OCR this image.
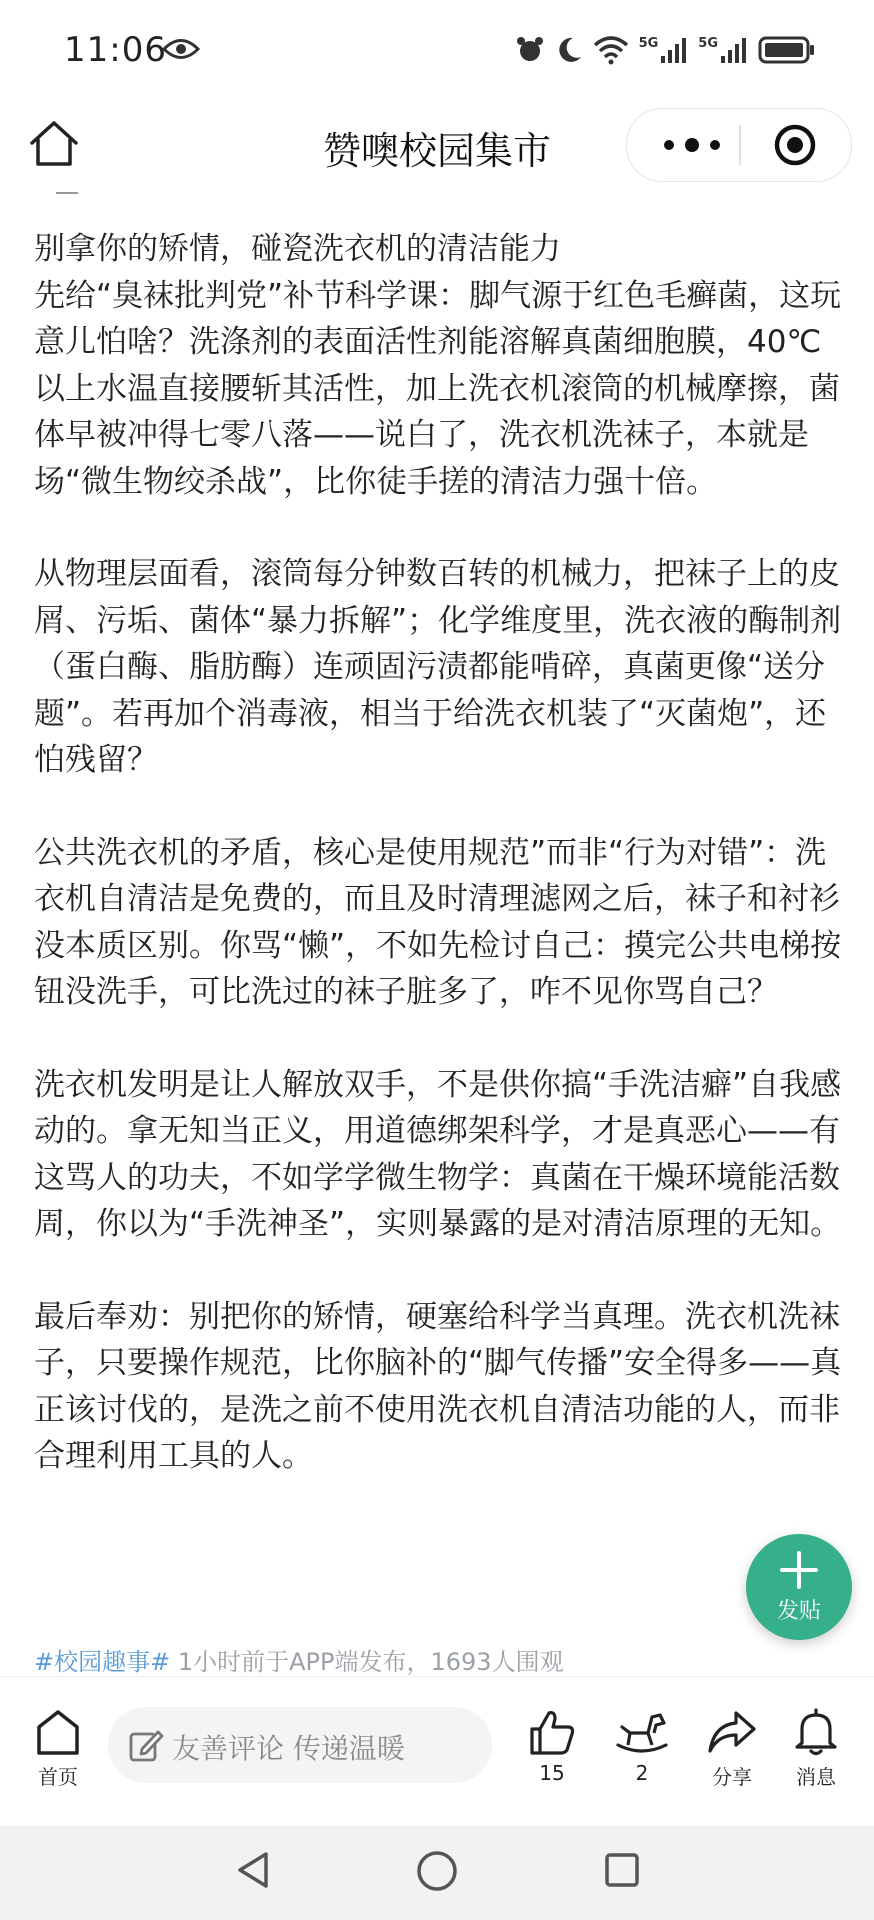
11:06	5G	5G
赞噢校园集市

别拿你的矫情，碰瓷洗衣机的清洁能力
先给“臭袜批判党”补节科学课：脚气源于红色毛癣菌，这玩意儿怕啥？洗涤剂的表面活性剂能溶解真菌细胞膜，40℃以上水温直接腰斩其活性，加上洗衣机滚筒的机械摩擦，菌体早被冲得七零八落——说白了，洗衣机洗袜子，本就是场“微生物绞杀战”，比你徒手搓的清洁力强十倍。

从物理层面看，滚筒每分钟数百转的机械力，把袜子上的皮屑、污垢、菌体“暴力拆解”；化学维度里，洗衣液的酶制剂（蛋白酶、脂肪酶）连顽固污渍都能啃碎，真菌更像“送分题”。若再加个消毒液，相当于给洗衣机装了“灭菌炮”，还怕残留？

公共洗衣机的矛盾，核心是使用规范”而非“行为对错”：洗衣机自清洁是免费的，而且及时清理滤网之后，袜子和衬衫没本质区别。你骂“懒”，不如先检讨自己：摸完公共电梯按钮没洗手，可比洗过的袜子脏多了，咋不见你骂自己？

洗衣机发明是让人解放双手，不是供你搞“手洗洁癖”自我感动的。拿无知当正义，用道德绑架科学，才是真恶心——有这骂人的功夫，不如学学微生物学：真菌在干燥环境能活数周，你以为“手洗神圣”，实则暴露的是对清洁原理的无知。

最后奉劝：别把你的矫情，硬塞给科学当真理。洗衣机洗袜子，只要操作规范，比你脑补的“脚气传播”安全得多——真正该讨伐的，是洗之前不使用洗衣机自清洁功能的人，而非合理利用工具的人。

#校园趣事# 1小时前于APP端发布，1693人围观
发贴
首页
友善评论 传递温暖
15	2	分享	消息
